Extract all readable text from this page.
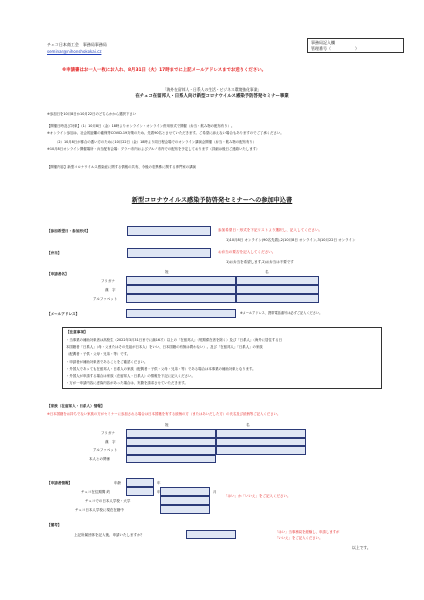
チェコ日本商工会　事務局事務局
seminar@nihonshokokai.cz
事務局記入欄
管理番号（　　　　　　）
※申請書はお一人一枚にお入れ、8月31日（火）17時までに上記メールアドレスまでお送りください。
「海外在留邦人・日系人の生活・ビジネス環境強化事業」
在チェコ在留邦人・日系人向け新型コロナウイルス感染予防啓発セミナー事業
※参加日を10月8日か10月22日のどちらかから選択下さい
【開催日時及び対象】（1）10月8日（金）18時よりオンライン・オンライン併用形式で開催（弁当・飲み物の配布有り）。
※オンライン参加は、社会的距離の確保等COVID-19対策のため、先着90名とさせていただきます。ご希望に添えない場合もありますのでご了承ください。
（2）10月8日が都合の悪い方のために10月22日（金）18時より同日程会場でのオンライン講演会開催（弁当・飲み物の配布有り）
※10月8日オンライン開催場所・弁当配布会場：プラハ市内およびブルノ市内での配布を予定しております（詳細は後日ご連絡いたします）
【開催内容】新型コロナウイルス感染症に関する情報の共有、今後の変異株に関する専門家の講演
新型コロナウイルス感染予防啓発セミナーへの参加申込書
【参加希望日・参加形式】	参加希望日・形式を下記リストより選択し、記入してください。
1)10月8日 オンライン(90名先着),2)10月8日 オンライン,3)10月22日 オンライン
【弁当】	お弁当の要否を記入してください。
1)お弁当を希望します,2)お弁当は不要です
【申請者名】	姓	名
フリガナ
漢　字
アルファベット
【メールアドレス】	※メールアドレス、携帯電話番号は必ずご記入ください。
【注意事項】
・当事業の補助対象者は高校生（2022年3月31日までに満16才）以上の「在留邦人」（短期滞在者を除く）及び「日系人」（海外に居住する日
本国籍者「日系人」（母・父またはその先祖が日本人）をいい、日本国籍の有無は問わない）。及び「在留邦人」「日系人」の家族
（配偶者・子供・父母・兄弟・等）です。
・申請者が補助対象者であることをご確認ください。
・外国人であっても在留邦人・日系人の家族（配偶者・子供・父母・兄弟・等）である場合は本事業の補助対象となります。
・外国人が申請する場合は家族（在留邦人・日系人）の情報を下記に記入ください。
・万が一申請内容に虚偽内容があった場合は、実費を請求させていただきます。
【家族（在留邦人・日系人）情報】
※日本国籍をお持ちでない家族の方がセミナーに参加される場合は日本国籍を有する続柄の方（またはあいだした方）の氏名及び続柄等ご記入ください。
姓	名
フリガナ
漢　字
アルファベット
本人との関係
【申請者情報】	年齢	年
チェコ在住期間 約	年	月
チェコでの日本人学校・大学
チェコ日本人学校に現在在籍中
「はい」か「いいえ」をご記入ください。
【備考】
上記所属団体を記入後、申請いたしますか？
「はい」当事務局を経験し、申請しますが
「いいえ」をご記入ください。
以上です。
